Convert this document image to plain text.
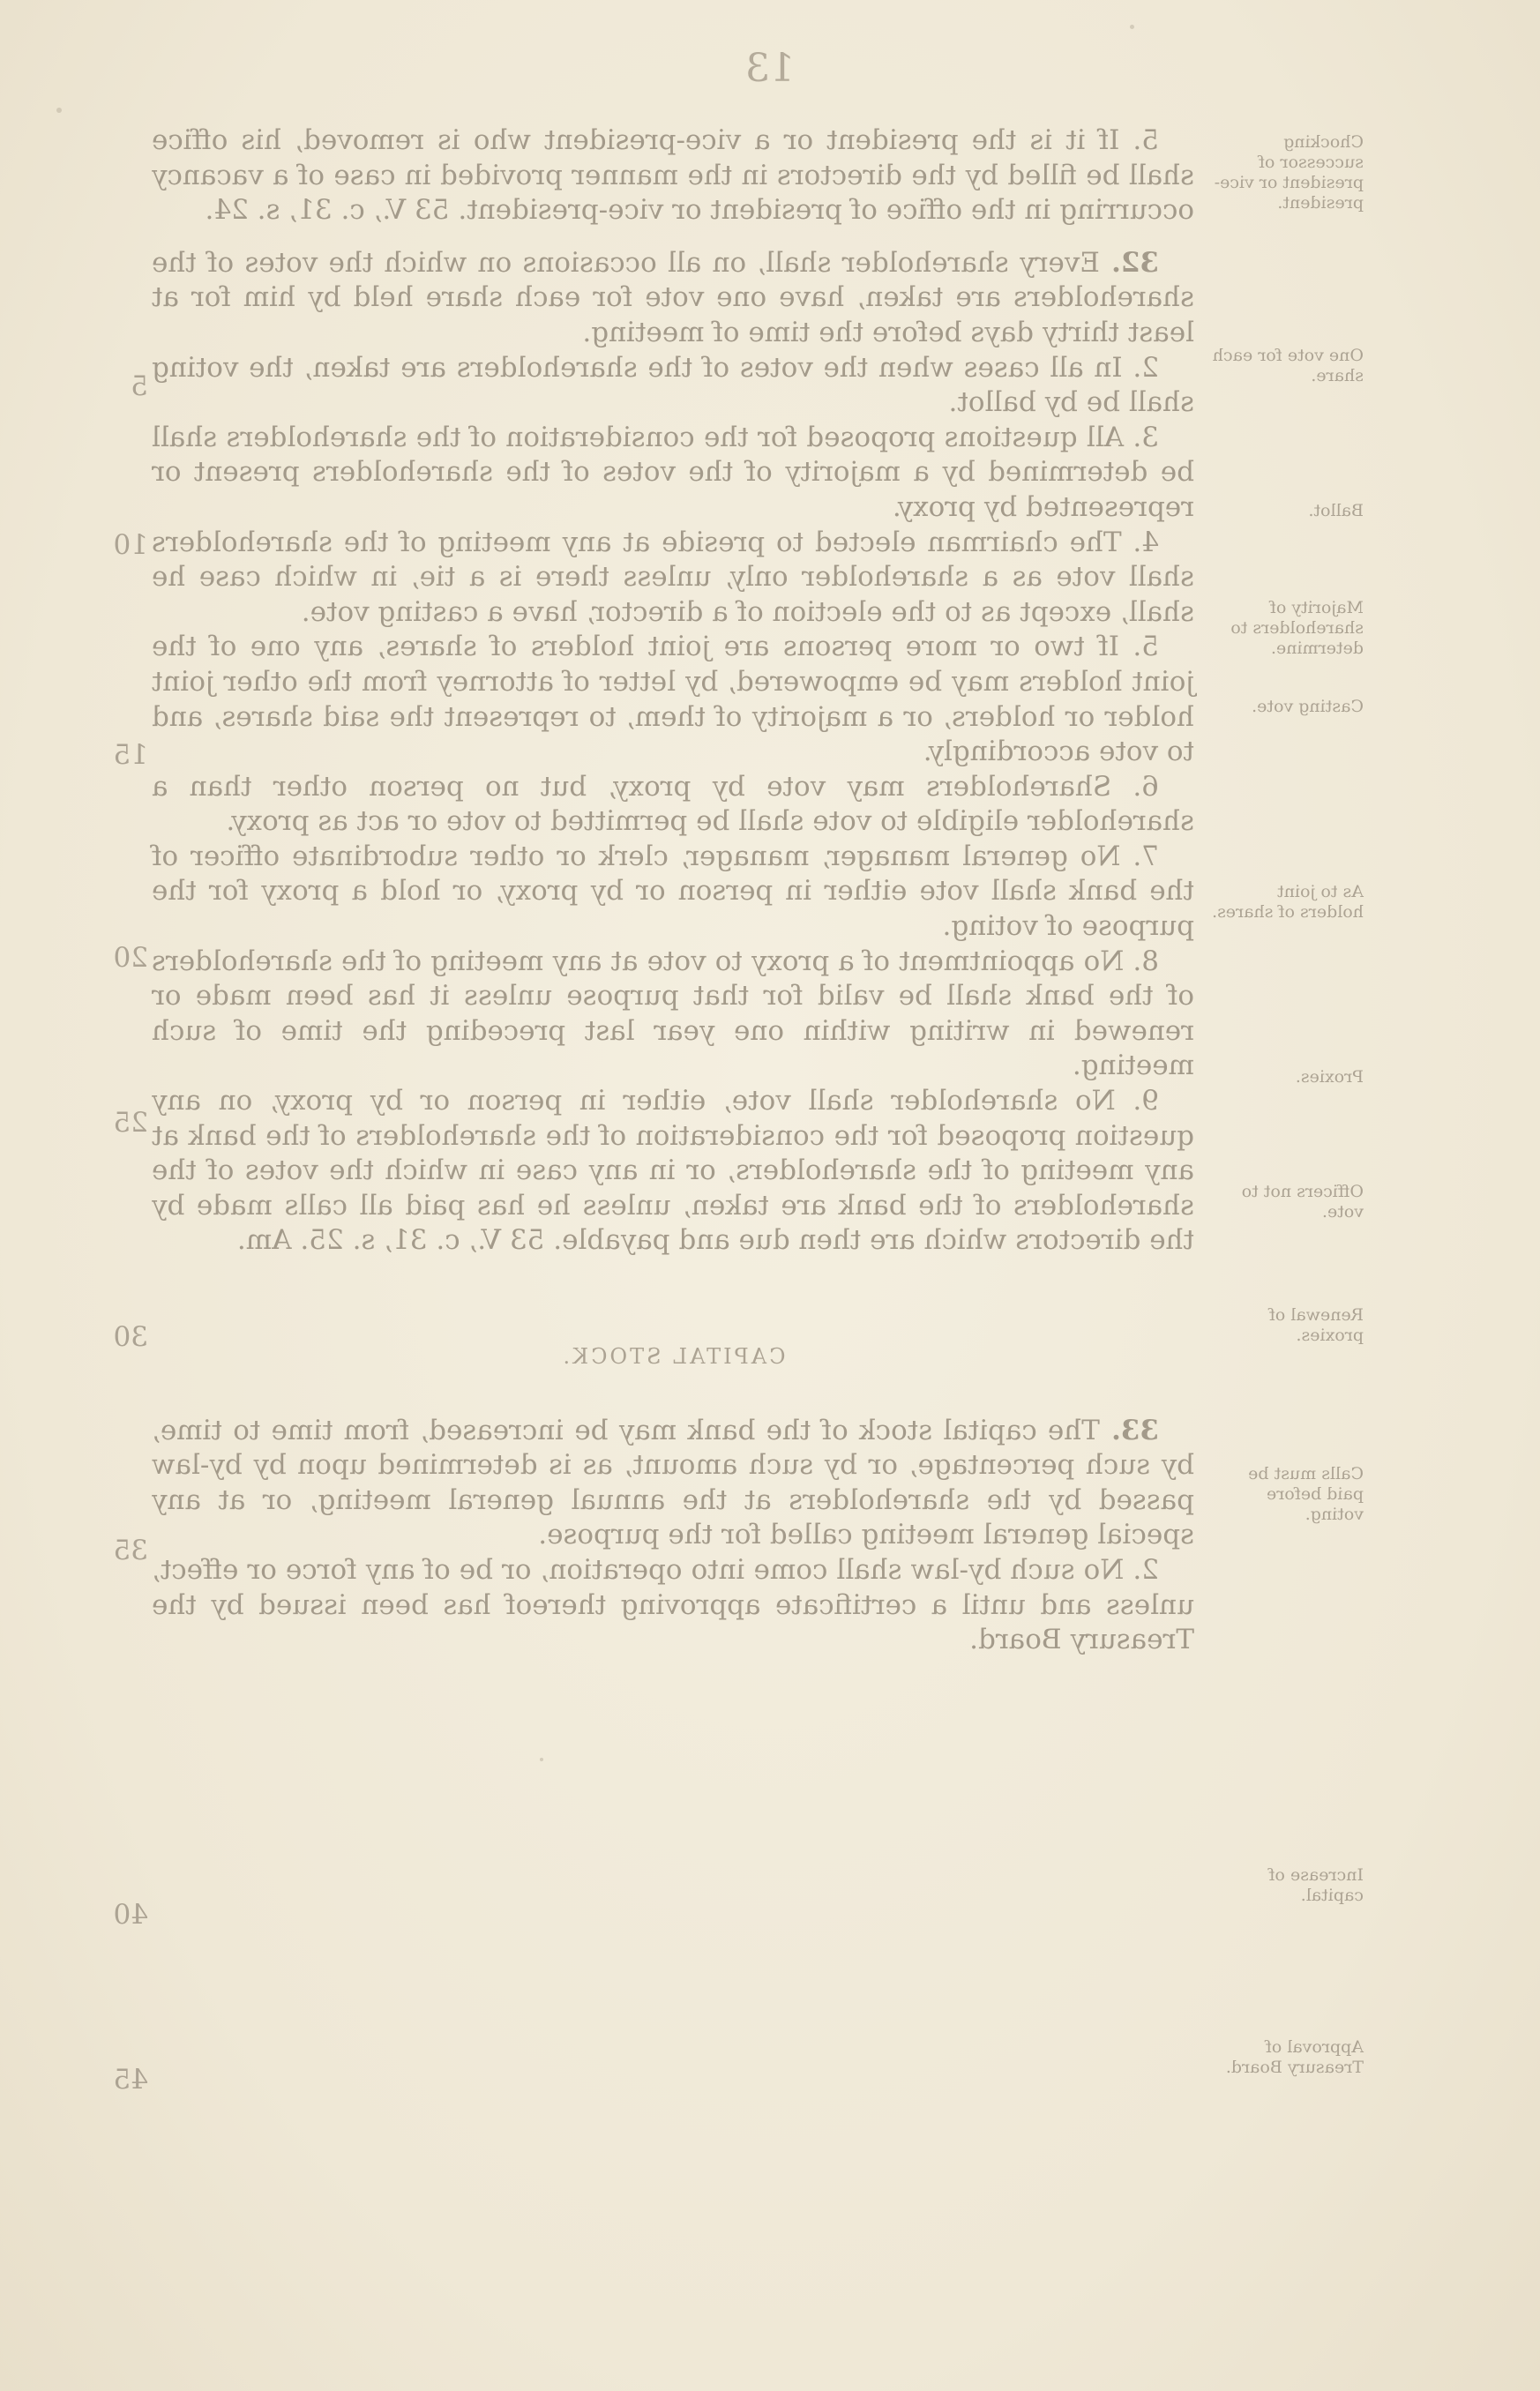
13
Chocking successor of president or vice-president.
One vote for each share.
Ballot.
Majority of shareholders to determine.
Casting vote.
As to joint holders of shares.
Proxies.
Officers not to vote.
Renewal of proxies.
Calls must be paid before voting.
Increase of capital.
Approval of Treasury Board.

5. If it is the president or a vice-president who is removed, his office shall be filled by the directors in the manner provided in case of a vacancy occurring in the office of president or vice-president. 53 V., c. 31, s. 24.

32. Every shareholder shall, on all occasions on which the votes of the shareholders are taken, have one vote for each share held by him for at least thirty days before the time of meeting.

2. In all cases when the votes of the shareholders are taken, the voting shall be by ballot.

3. All questions proposed for the consideration of the shareholders shall be determined by a majority of the votes of the shareholders present or represented by proxy.

4. The chairman elected to preside at any meeting of the shareholders shall vote as a shareholder only, unless there is a tie, in which case he shall, except as to the election of a director, have a casting vote.

5. If two or more persons are joint holders of shares, any one of the joint holders may be empowered, by letter of attorney from the other joint holder or holders, or a majority of them, to represent the said shares, and to vote accordingly.

6. Shareholders may vote by proxy, but no person other than a shareholder eligible to vote shall be permitted to vote or act as proxy.

7. No general manager, manager, clerk or other subordinate officer of the bank shall vote either in person or by proxy, or hold a proxy for the purpose of voting.

8. No appointment of a proxy to vote at any meeting of the shareholders of the bank shall be valid for that purpose unless it has been made or renewed in writing within one year last preceding the time of such meeting.

9. No shareholder shall vote, either in person or by proxy, on any question proposed for the consideration of the shareholders of the bank at any meeting of the shareholders, or in any case in which the votes of the shareholders of the bank are taken, unless he has paid all calls made by the directors which are then due and payable. 53 V., c. 31, s. 25. Am.

CAPITAL STOCK.

33. The capital stock of the bank may be increased, from time to time, by such percentage, or by such amount, as is determined upon by by-law passed by the shareholders at the annual general meeting, or at any special general meeting called for the purpose.

2. No such by-law shall come into operation, or be of any force or effect, unless and until a certificate approving thereof has been issued by the Treasury Board.

5
10
15
20
25
30
35
40
45
